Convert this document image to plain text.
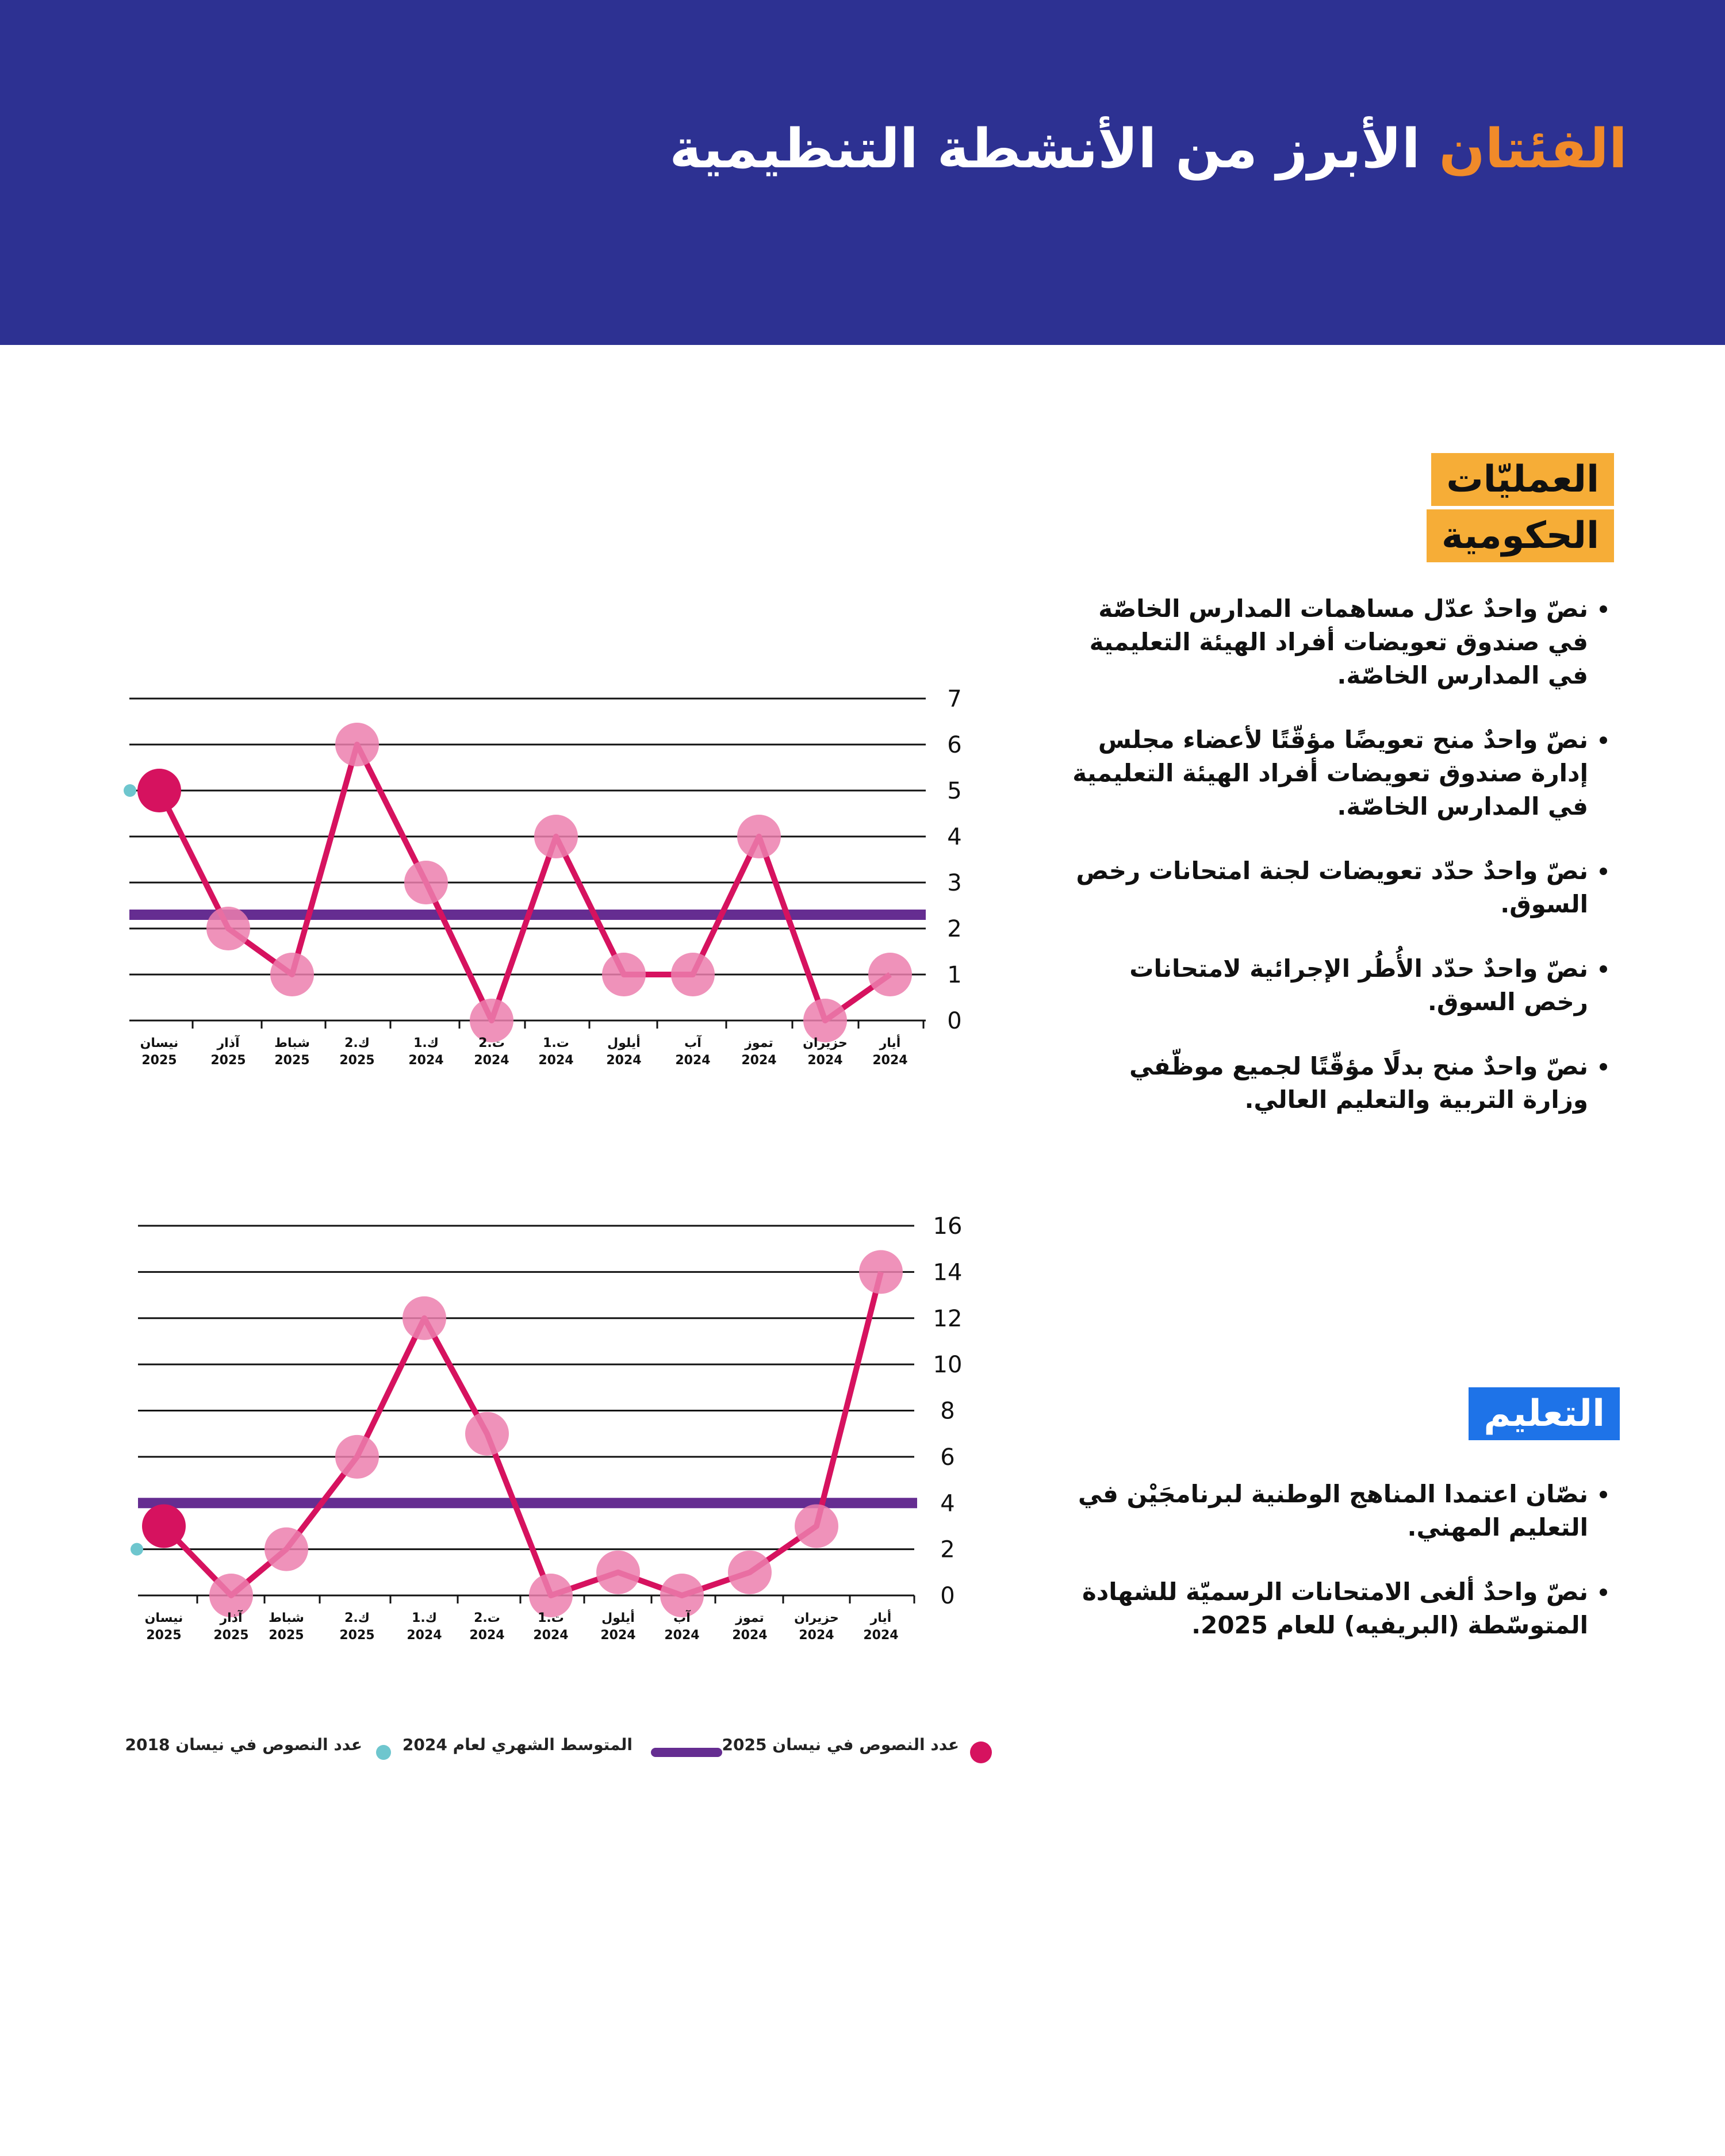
الفئتان الأبرز من الأنشطة التنظيمية
العمليّات
الحكومية
• نصّ واحدٌ عدّل مساهمات المدارس الخاصّة في صندوق تعويضات أفراد الهيئة التعليمية في المدارس الخاصّة.
• نصّ واحدٌ منح تعويضًا مؤقّتًا لأعضاء مجلس إدارة صندوق تعويضات أفراد الهيئة التعليمية في المدارس الخاصّة.
• نصّ واحدٌ حدّد تعويضات لجنة امتحانات رخص السوق.
• نصّ واحدٌ حدّد الأُطُر الإجرائية لامتحانات رخص السوق.
• نصّ واحدٌ منح بدلًا مؤقّتًا لجميع موظّفي وزارة التربية والتعليم العالي.
التعليم
• نصّان اعتمدا المناهج الوطنية لبرنامجَيْن في التعليم المهني.
• نصّ واحدٌ ألغى الامتحانات الرسميّة للشهادة المتوسّطة (البريفيه) للعام 2025.
0
1
2
3
4
5
6
7
نيسان
2025
آذار
2025
شباط
2025
ك.2
2025
ك.1
2024
ت.2
2024
ت.1
2024
أيلول
2024
آب
2024
تموز
2024
حزيران
2024
أيار
2024
0
2
4
6
8
10
12
14
16
نيسان
2025
آذار
2025
شباط
2025
ك.2
2025
ك.1
2024
ت.2
2024
ت.1
2024
أيلول
2024
آب
2024
تموز
2024
حزيران
2024
أيار
2024
عدد النصوص في نيسان 2025
المتوسط الشهري لعام 2024
عدد النصوص في نيسان 2018
